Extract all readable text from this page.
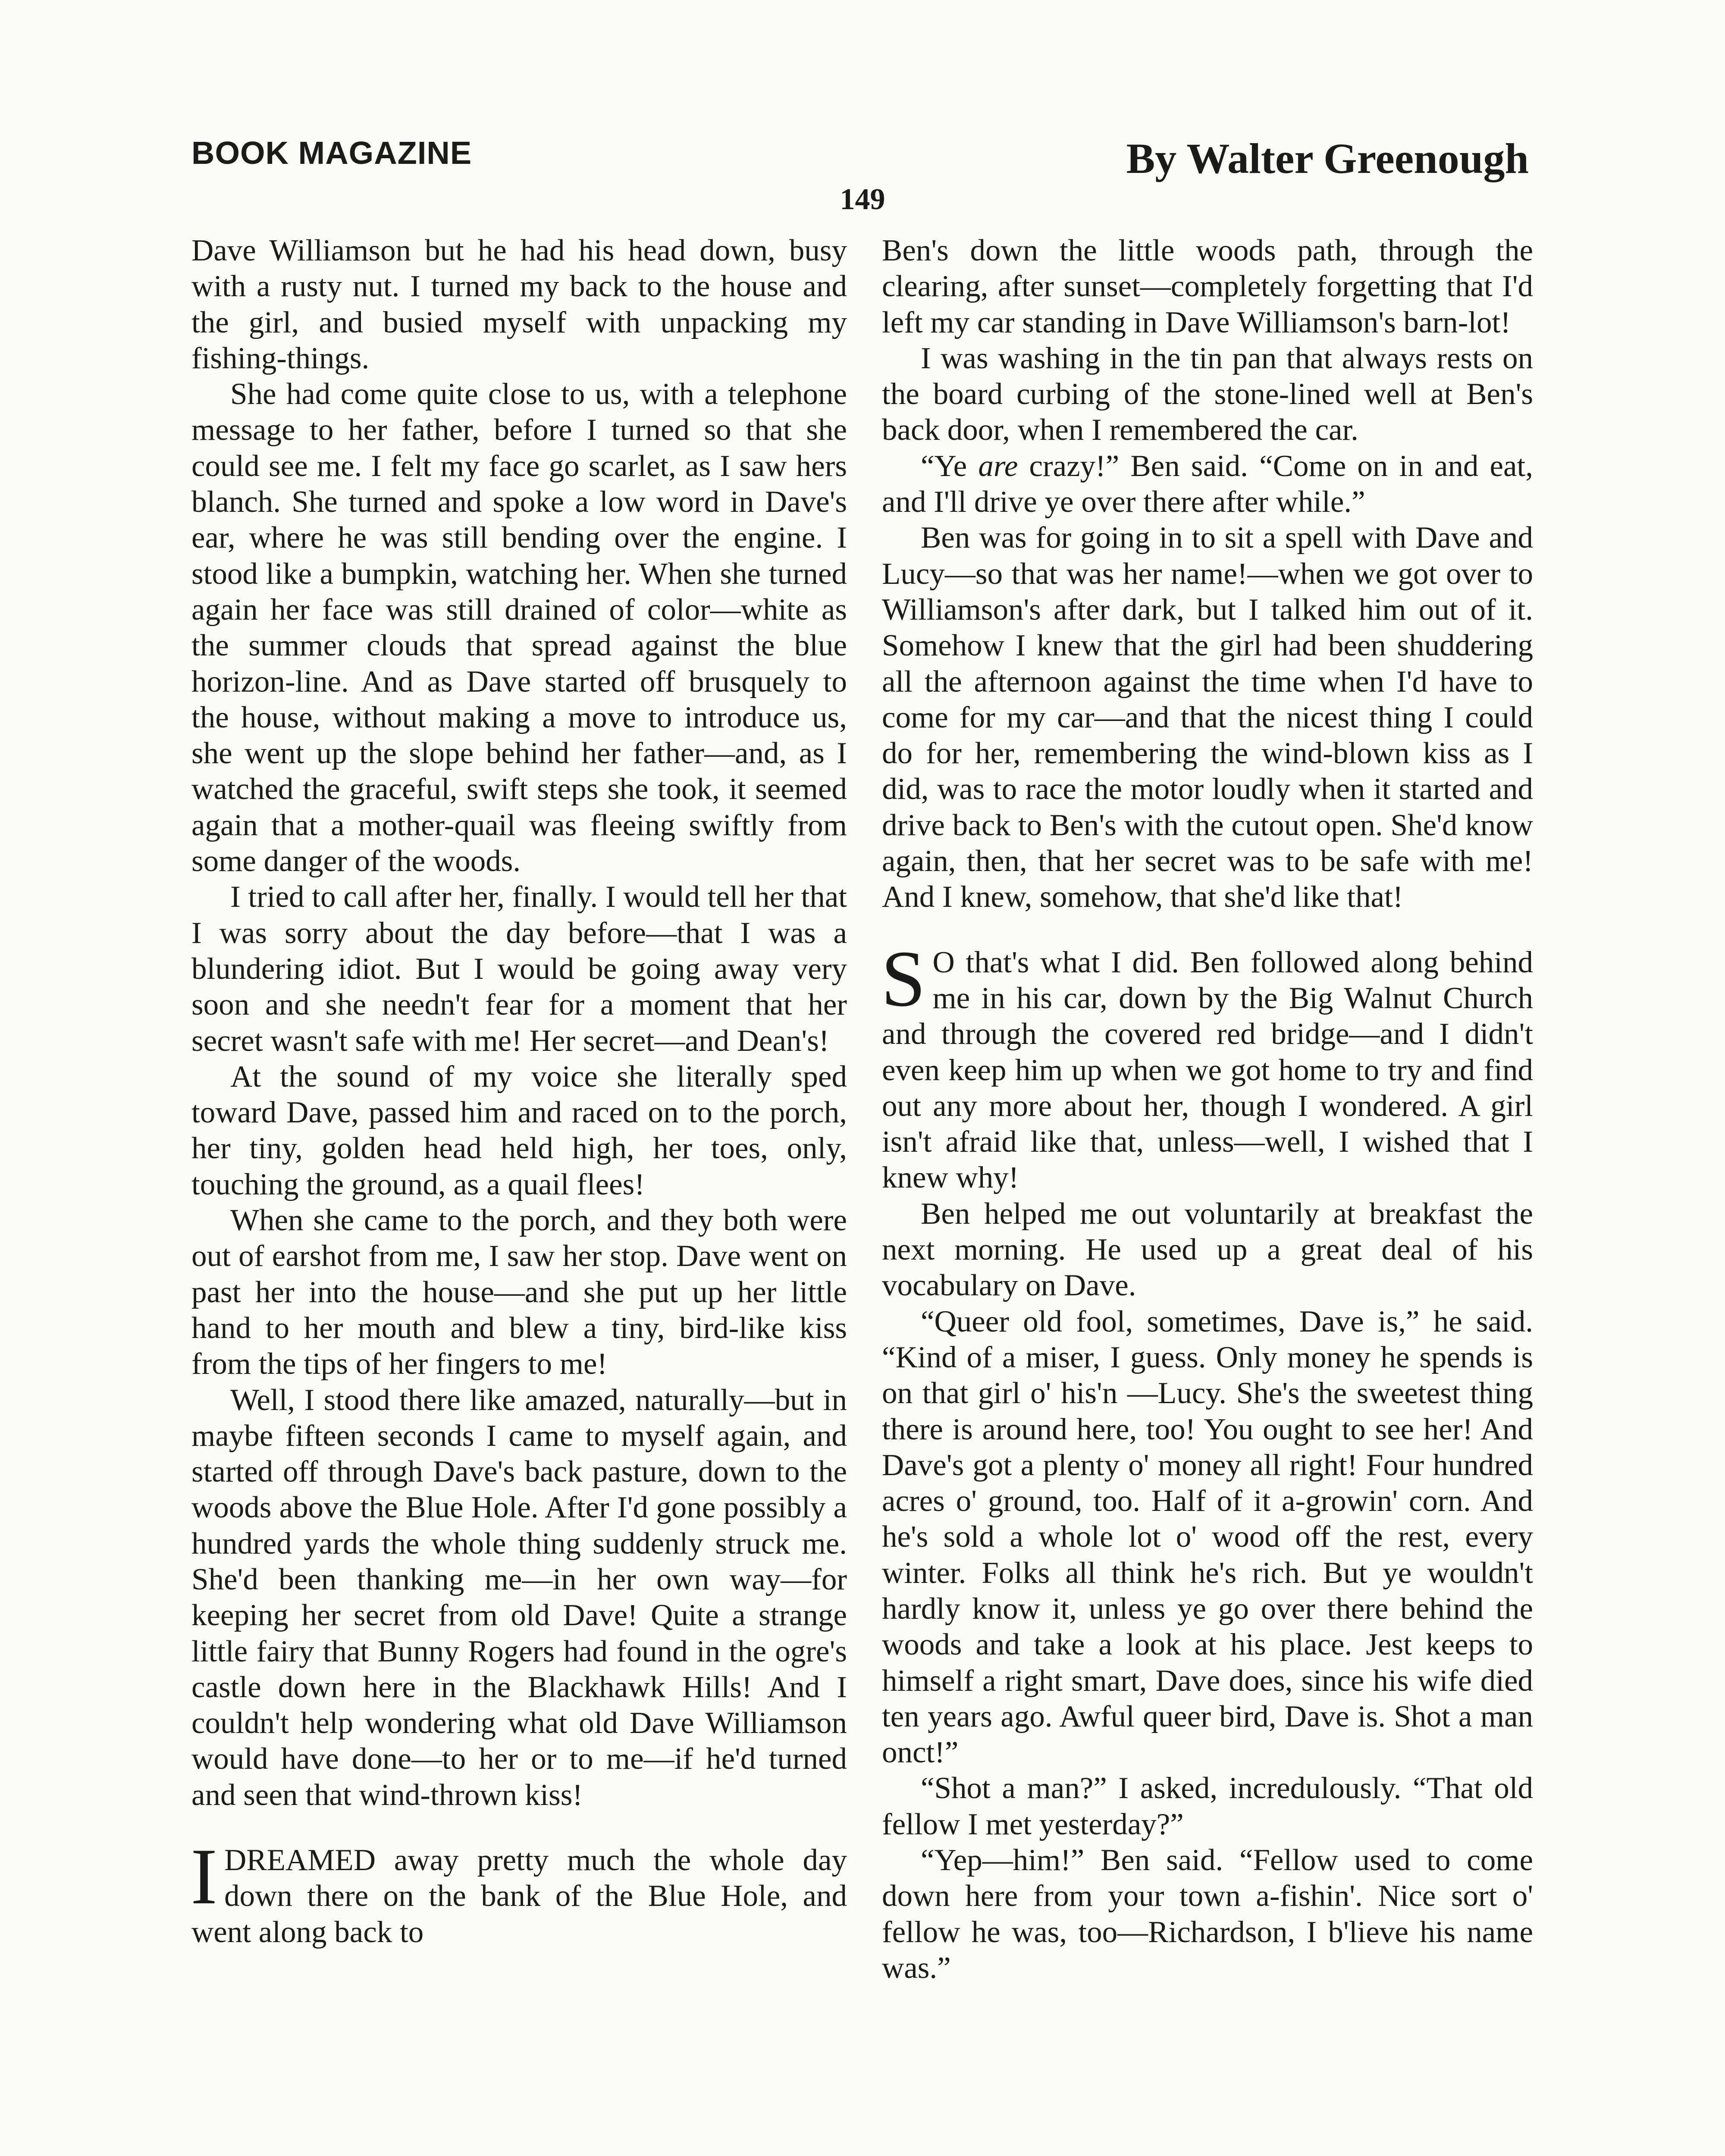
BOOK MAGAZINE	By Walter Greenough
149

Dave Williamson but he had his head down, busy with a rusty nut. I turned my back to the house and the girl, and busied myself with unpacking my fishing-things.

She had come quite close to us, with a telephone message to her father, before I turned so that she could see me. I felt my face go scarlet, as I saw hers blanch. She turned and spoke a low word in Dave's ear, where he was still bending over the engine. I stood like a bumpkin, watching her. When she turned again her face was still drained of color—white as the summer clouds that spread against the blue horizon-line. And as Dave started off brusquely to the house, without making a move to introduce us, she went up the slope behind her father—and, as I watched the graceful, swift steps she took, it seemed again that a mother-quail was fleeing swiftly from some danger of the woods.

I tried to call after her, finally. I would tell her that I was sorry about the day before—that I was a blundering idiot. But I would be going away very soon and she needn't fear for a moment that her secret wasn't safe with me! Her secret—and Dean's!

At the sound of my voice she literally sped toward Dave, passed him and raced on to the porch, her tiny, golden head held high, her toes, only, touching the ground, as a quail flees!

When she came to the porch, and they both were out of earshot from me, I saw her stop. Dave went on past her into the house—and she put up her little hand to her mouth and blew a tiny, bird-like kiss from the tips of her fingers to me!

Well, I stood there like amazed, naturally—but in maybe fifteen seconds I came to myself again, and started off through Dave's back pasture, down to the woods above the Blue Hole. After I'd gone possibly a hundred yards the whole thing suddenly struck me. She'd been thanking me—in her own way—for keeping her secret from old Dave! Quite a strange little fairy that Bunny Rogers had found in the ogre's castle down here in the Blackhawk Hills! And I couldn't help wondering what old Dave Williamson would have done—to her or to me—if he'd turned and seen that wind-thrown kiss!

IDREAMED away pretty much the whole day down there on the bank of the Blue Hole, and went along back to

Ben's down the little woods path, through the clearing, after sunset—completely forgetting that I'd left my car standing in Dave Williamson's barn-lot!

I was washing in the tin pan that always rests on the board curbing of the stone-lined well at Ben's back door, when I remembered the car.

“Ye are crazy!” Ben said. “Come on in and eat, and I'll drive ye over there after while.”

Ben was for going in to sit a spell with Dave and Lucy—so that was her name!—when we got over to Williamson's after dark, but I talked him out of it. Somehow I knew that the girl had been shuddering all the afternoon against the time when I'd have to come for my car—and that the nicest thing I could do for her, remembering the wind-blown kiss as I did, was to race the motor loudly when it started and drive back to Ben's with the cutout open. She'd know again, then, that her secret was to be safe with me! And I knew, somehow, that she'd like that!

S O that's what I did. Ben followed along behind me in his car, down by the Big Walnut Church and through the covered red bridge—and I didn't even keep him up when we got home to try and find out any more about her, though I wondered. A girl isn't afraid like that, unless—well, I wished that I knew why!

Ben helped me out voluntarily at breakfast the next morning. He used up a great deal of his vocabulary on Dave.

“Queer old fool, sometimes, Dave is,” he said. “Kind of a miser, I guess. Only money he spends is on that girl o' his'n —Lucy. She's the sweetest thing there is around here, too! You ought to see her! And Dave's got a plenty o' money all right! Four hundred acres o' ground, too. Half of it a-growin' corn. And he's sold a whole lot o' wood off the rest, every winter. Folks all think he's rich. But ye wouldn't hardly know it, unless ye go over there behind the woods and take a look at his place. Jest keeps to himself a right smart, Dave does, since his wife died ten years ago. Awful queer bird, Dave is. Shot a man onct!”

“Shot a man?” I asked, incredulously. “That old fellow I met yesterday?”

“Yep—him!” Ben said. “Fellow used to come down here from your town a-fishin'. Nice sort o' fellow he was, too—Richardson, I b'lieve his name was.”
